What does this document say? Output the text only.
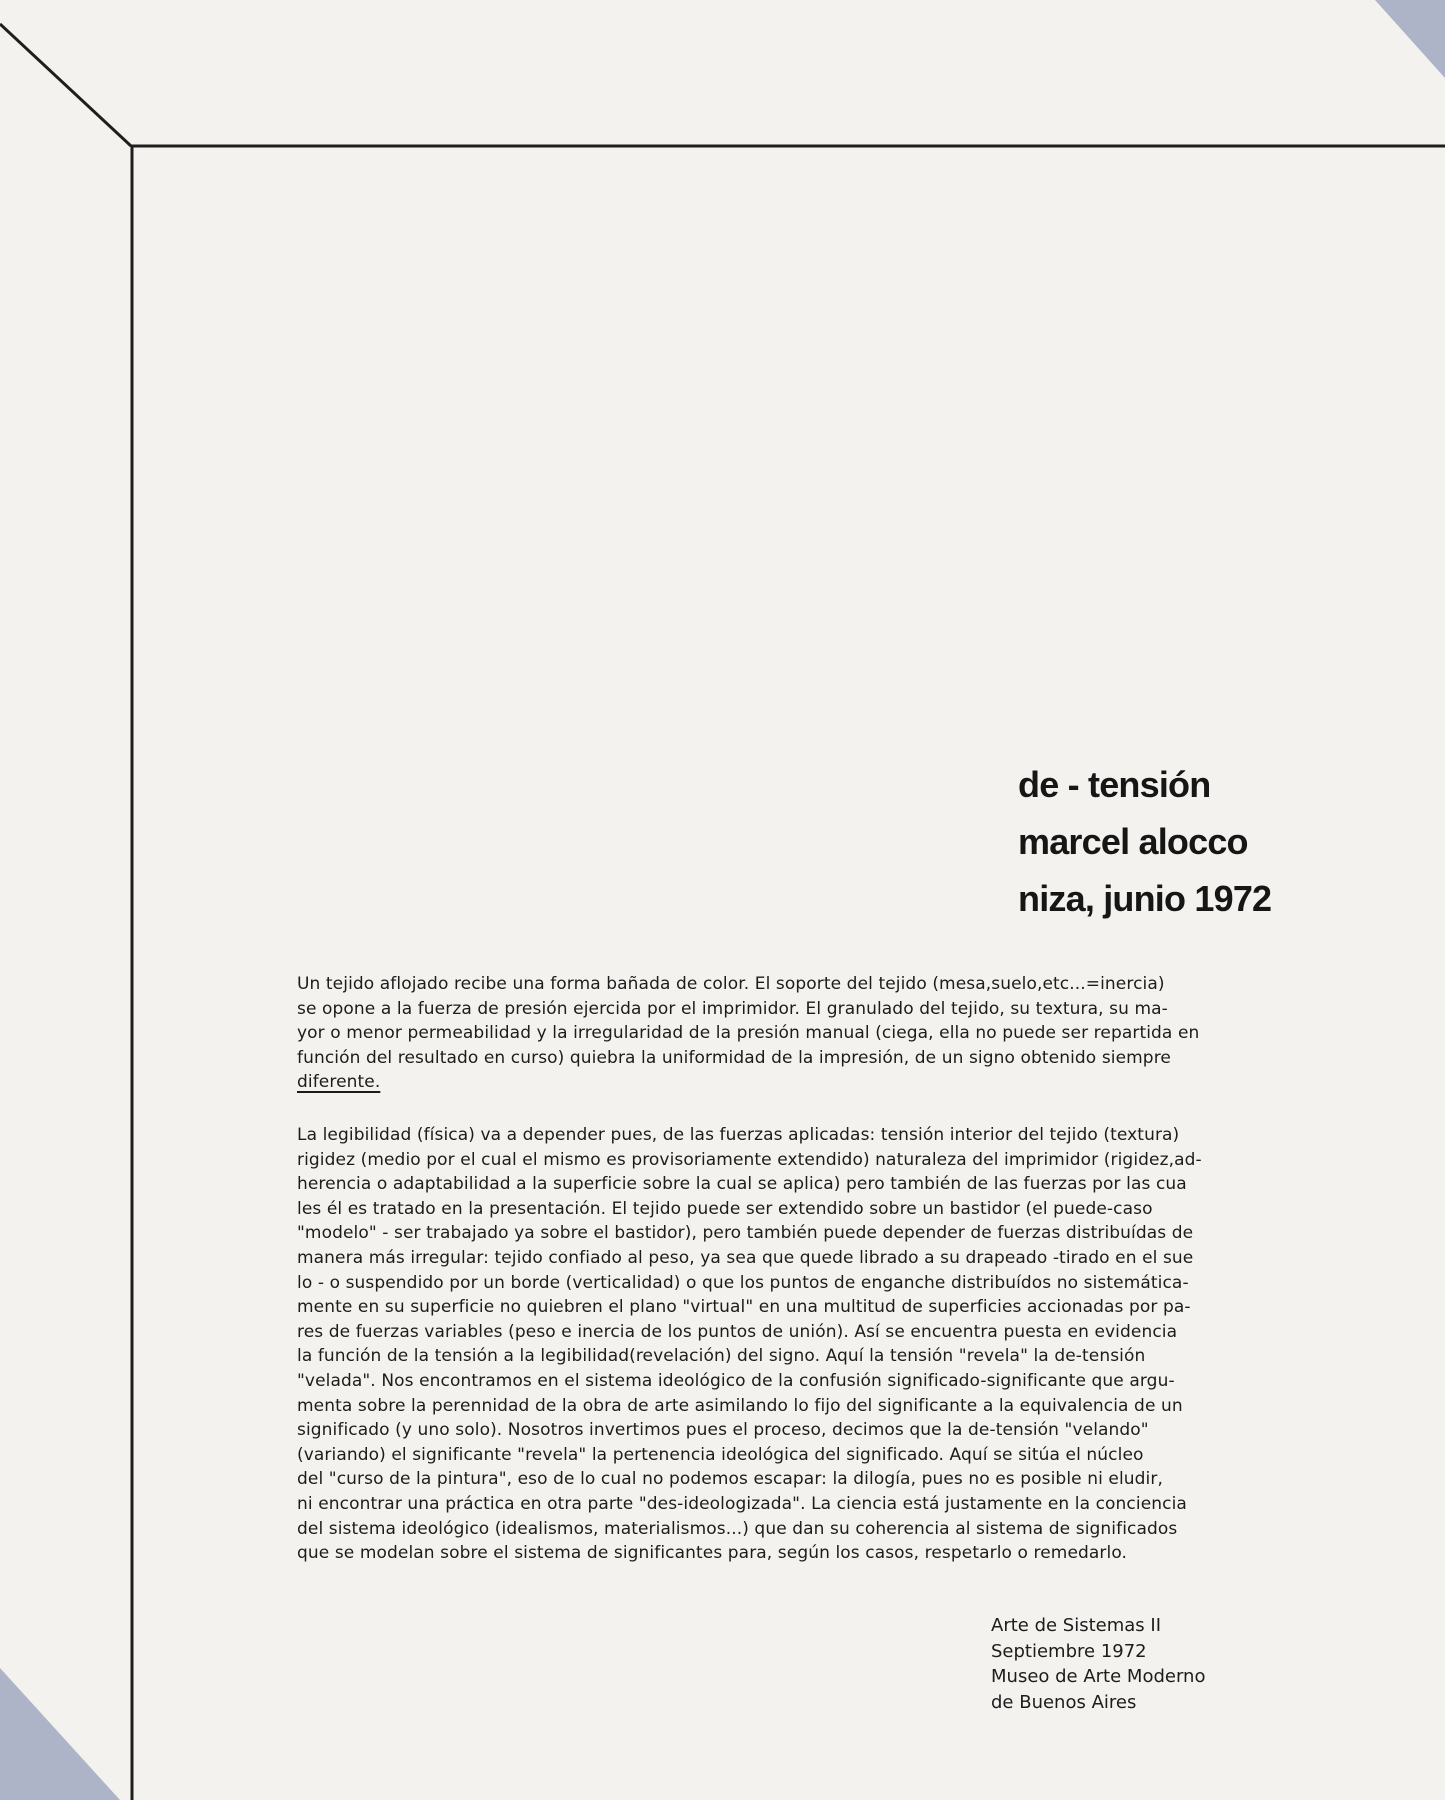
de - tensión
marcel alocco
niza, junio 1972
Un tejido aflojado recibe una forma bañada de color. El soporte del tejido (mesa,suelo,etc...=inercia)
se opone a la fuerza de presión ejercida por el imprimidor. El granulado del tejido, su textura, su ma-
yor o menor permeabilidad y la irregularidad de la presión manual (ciega, ella no puede ser repartida en
función del resultado en curso) quiebra la uniformidad de la impresión, de un signo obtenido siempre
diferente.
La legibilidad (física) va a depender pues, de las fuerzas aplicadas: tensión interior del tejido (textura)
rigidez (medio por el cual el mismo es provisoriamente extendido) naturaleza del imprimidor (rigidez,ad-
herencia o adaptabilidad a la superficie sobre la cual se aplica) pero también de las fuerzas por las cua
les él es tratado en la presentación. El tejido puede ser extendido sobre un bastidor (el puede-caso
"modelo" - ser trabajado ya sobre el bastidor), pero también puede depender de fuerzas distribuídas de
manera más irregular: tejido confiado al peso, ya sea que quede librado a su drapeado -tirado en el sue
lo - o suspendido por un borde (verticalidad) o que los puntos de enganche distribuídos no sistemática-
mente en su superficie no quiebren el plano "virtual" en una multitud de superficies accionadas por pa-
res de fuerzas variables (peso e inercia de los puntos de unión). Así se encuentra puesta en evidencia
la función de la tensión a la legibilidad(revelación) del signo. Aquí la tensión "revela" la de-tensión
"velada". Nos encontramos en el sistema ideológico de la confusión significado-significante que argu-
menta sobre la perennidad de la obra de arte asimilando lo fijo del significante a la equivalencia de un
significado (y uno solo). Nosotros invertimos pues el proceso, decimos que la de-tensión "velando"
(variando) el significante "revela" la pertenencia ideológica del significado. Aquí se sitúa el núcleo
del "curso de la pintura", eso de lo cual no podemos escapar: la dilogía, pues no es posible ni eludir,
ni encontrar una práctica en otra parte "des-ideologizada". La ciencia está justamente en la conciencia
del sistema ideológico (idealismos, materialismos...) que dan su coherencia al sistema de significados
que se modelan sobre el sistema de significantes para, según los casos, respetarlo o remedarlo.
Arte de Sistemas II
Septiembre 1972
Museo de Arte Moderno
de Buenos Aires
